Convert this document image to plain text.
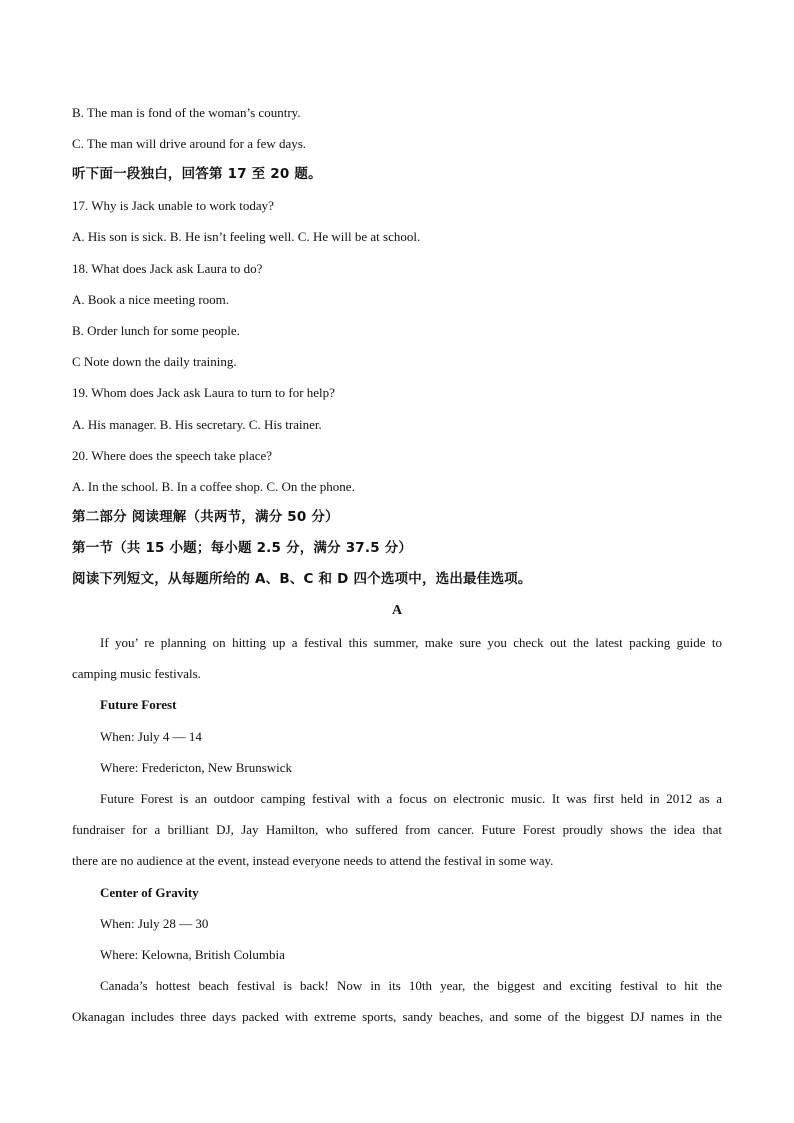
B. The man is fond of the woman’s country.
C. The man will drive around for a few days.
听下面一段独白，回答第 17 至 20 题。
17. Why is Jack unable to work today?
A. His son is sick. B. He isn’t feeling well. C. He will be at school.
18. What does Jack ask Laura to do?
A. Book a nice meeting room.
B. Order lunch for some people.
C Note down the daily training.
19. Whom does Jack ask Laura to turn to for help?
A. His manager. B. His secretary. C. His trainer.
20. Where does the speech take place?
A. In the school. B. In a coffee shop. C. On the phone.
第二部分 阅读理解（共两节，满分 50 分）
第一节（共 15 小题；每小题 2.5 分，满分 37.5 分）
阅读下列短文，从每题所给的 A、B、C 和 D 四个选项中，选出最佳选项。
A
If you’ re planning on hitting up a festival this summer, make sure you check out the latest packing guide to
camping music festivals.
Future Forest
When: July 4 — 14
Where: Fredericton, New Brunswick
Future Forest is an outdoor camping festival with a focus on electronic music. It was first held in 2012 as a
fundraiser for a brilliant DJ, Jay Hamilton, who suffered from cancer. Future Forest proudly shows the idea that
there are no audience at the event, instead everyone needs to attend the festival in some way.
Center of Gravity
When: July 28 — 30
Where: Kelowna, British Columbia
Canada’s hottest beach festival is back! Now in its 10th year, the biggest and exciting festival to hit the
Okanagan includes three days packed with extreme sports, sandy beaches, and some of the biggest DJ names in the
